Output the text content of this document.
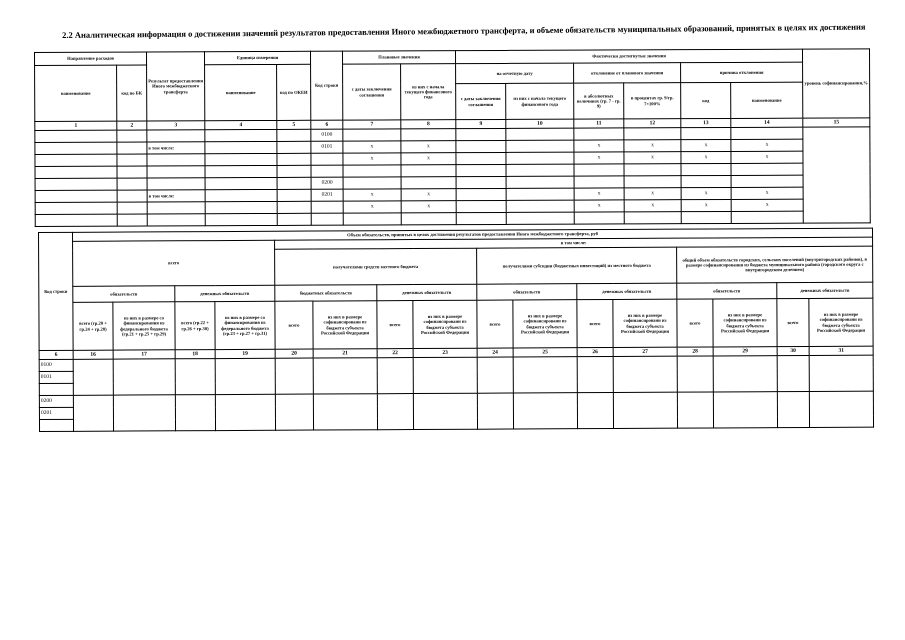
2.2 Аналитическая информация о достижении значений результатов предоставления Иного межбюджетного трансферта, и объеме обязательств муниципальных образований, принятых в целях их достижения
Направление расходов		Результат предоставления Иного межбюджетного трансферта	Единица измерения		Код строки	Плановые значения		Фактически достигнутые значения						уровень софинансирования,%
наименование	код по БК		наименование	код по ОКЕИ		с даты заключения соглашения	из них с начала текущего финансового года	на отчетную дату		отклонение от планового значения		причина отклонения		
								с даты заключения соглашения	из них с начала текущего финансового года	в абсолютных величинах (гр. 7 - гр. 9)	в процентах гр. 9/гр. 7×100%	код	наименование	
1	2	3	4	5	6	7	8	9	10	11	12	13	14	15
					0100									
		в том числе:			0101	x	x			x	x	x	x	
						x	x			x	x	x	x	

					0200									
		в том числе:			0201	x	x			x	x	x	x	
						x	x			x	x	x	x	

Код строки	Объем обязательств, принятых в целях достижения результатов предоставления Иного межбюджетного трансферта, руб															
	всего				в том числе:											
					получателями средств местного бюджета				получателями субсидии (бюджетных инвестиций) из местного бюджета				общий объем обязательств городских, сельских поселений (внутригородских районов), в размере софинансирования из бюджета муниципального района (городского округа с внутригородским делением)			
	обязательств		денежных обязательств		бюджетных обязательств		денежных обязательств		обязательств		денежных обязательств		обязательств		денежных обязательств	
	всего (гр.20 + гр.24 + гр.28)	из них в размере со финансирования из федерального бюджета (гр.21 + гр.25 + гр.29)	всего (гр.22 + гр.26 + гр.30)	из них в размере со финансирования из федерального бюджета (гр.23 + гр.27 + гр.31)	всего	из них в размере софинансировани из бюджета субъекта Российской Федерации	всего	из них в размере софинансировани из бюджета субъекта Российской Федерации	всего	из них в размере софинансировани из бюджета субъекта Российской Федерации	всего	из них в размере софинансировани из бюджета субъекта Российской Федерации	всего	из них в размере софинансировани из бюджета субъекта Российской Федерации	всего	из них в размере софинансировани из бюджета субъекта Российской Федерации
6	16	17	18	19	20	21	22	23	24	25	26	27	28	29	30	31
0100																
0101																

0200																
0201																
